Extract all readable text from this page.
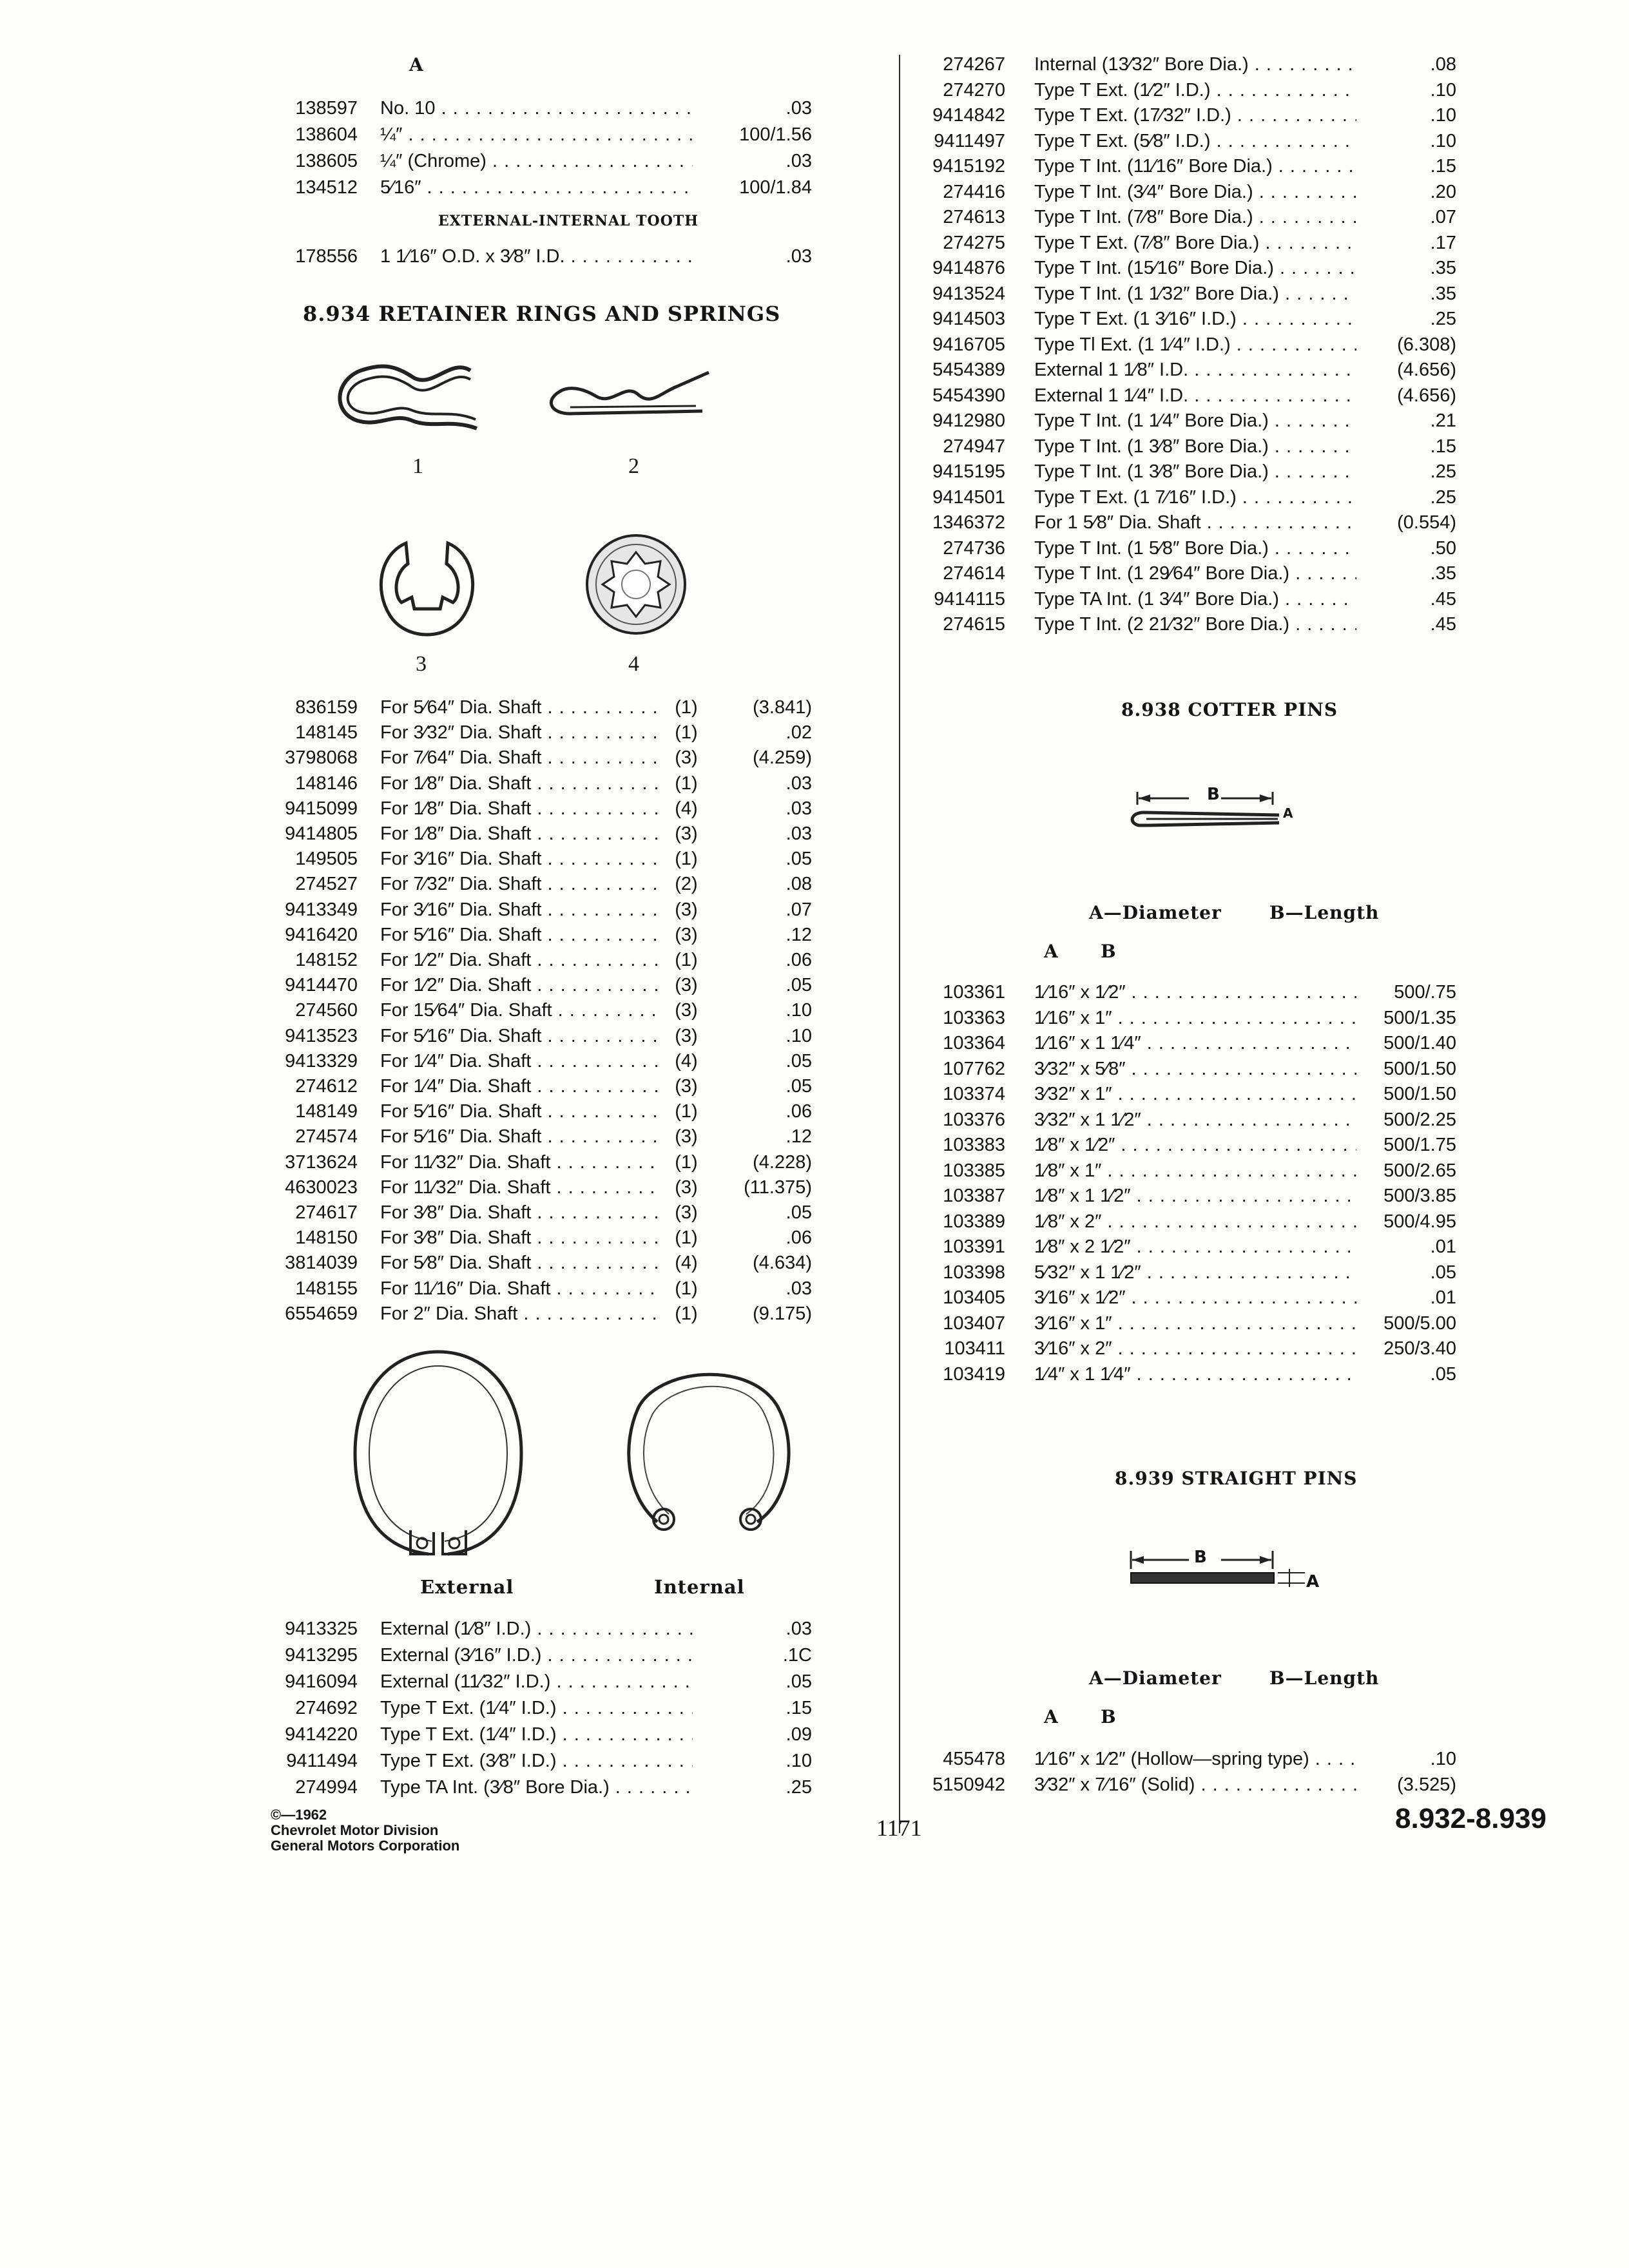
A
138597 No. 10 . . .	.03
138604 ¼″ . . .	100/1.56
138605 ¼″ (Chrome) . . .	.03
134512 5⁄16″ . . .	100/1.84
EXTERNAL-INTERNAL TOOTH
178556 1 1⁄16″ O.D. x 3⁄8″ I.D. . . .	.03
8.934 RETAINER RINGS AND SPRINGS
1	2
3	4
836159 For 5⁄64″ Dia. Shaft . . .	(1)	(3.841)
148145 For 3⁄32″ Dia. Shaft . . .	(1)	.02
3798068 For 7⁄64″ Dia. Shaft . . .	(3)	(4.259)
148146 For 1⁄8″ Dia. Shaft . . .	(1)	.03
9415099 For 1⁄8″ Dia. Shaft . . .	(4)	.03
9414805 For 1⁄8″ Dia. Shaft . . .	(3)	.03
149505 For 3⁄16″ Dia. Shaft . . .	(1)	.05
274527 For 7⁄32″ Dia. Shaft . . .	(2)	.08
9413349 For 3⁄16″ Dia. Shaft . . .	(3)	.07
9416420 For 5⁄16″ Dia. Shaft . . .	(3)	.12
148152 For 1⁄2″ Dia. Shaft . . .	(1)	.06
9414470 For 1⁄2″ Dia. Shaft . . .	(3)	.05
274560 For 15⁄64″ Dia. Shaft . . .	(3)	.10
9413523 For 5⁄16″ Dia. Shaft . . .	(3)	.10
9413329 For 1⁄4″ Dia. Shaft . . .	(4)	.05
274612 For 1⁄4″ Dia. Shaft . . .	(3)	.05
148149 For 5⁄16″ Dia. Shaft . . .	(1)	.06
274574 For 5⁄16″ Dia. Shaft . . .	(3)	.12
3713624 For 11⁄32″ Dia. Shaft . . .	(1)	(4.228)
4630023 For 11⁄32″ Dia. Shaft . . .	(3)	(11.375)
274617 For 3⁄8″ Dia. Shaft . . .	(3)	.05
148150 For 3⁄8″ Dia. Shaft . . .	(1)	.06
3814039 For 5⁄8″ Dia. Shaft . . .	(4)	(4.634)
148155 For 11⁄16″ Dia. Shaft . . .	(1)	.03
6554659 For 2″ Dia. Shaft . . .	(1)	(9.175)
External	Internal
9413325 External (1⁄8″ I.D.) . . .	.03
9413295 External (3⁄16″ I.D.) . . .	.1C
9416094 External (11⁄32″ I.D.) . . .	.05
274692 Type T Ext. (1⁄4″ I.D.) . . .	.15
9414220 Type T Ext. (1⁄4″ I.D.) . . .	.09
9411494 Type T Ext. (3⁄8″ I.D.) . . .	.10
274994 Type TA Int. (3⁄8″ Bore Dia.) . . .	.25
©—1962
Chevrolet Motor Division
General Motors Corporation
1171	8.932-8.939
274267 Internal (13⁄32″ Bore Dia.) . . .	.08
274270 Type T Ext. (1⁄2″ I.D.) . . .	.10
9414842 Type T Ext. (17⁄32″ I.D.) . . .	.10
9411497 Type T Ext. (5⁄8″ I.D.) . . .	.10
9415192 Type T Int. (11⁄16″ Bore Dia.) . . .	.15
274416 Type T Int. (3⁄4″ Bore Dia.) . . .	.20
274613 Type T Int. (7⁄8″ Bore Dia.) . . .	.07
274275 Type T Ext. (7⁄8″ Bore Dia.) . . .	.17
9414876 Type T Int. (15⁄16″ Bore Dia.) . . .	.35
9413524 Type T Int. (1 1⁄32″ Bore Dia.) . . .	.35
9414503 Type T Ext. (1 3⁄16″ I.D.) . . .	.25
9416705 Type Tl Ext. (1 1⁄4″ I.D.) . . .	(6.308)
5454389 External 1 1⁄8″ I.D. . . .	(4.656)
5454390 External 1 1⁄4″ I.D. . . .	(4.656)
9412980 Type T Int. (1 1⁄4″ Bore Dia.) . . .	.21
274947 Type T Int. (1 3⁄8″ Bore Dia.) . . .	.15
9415195 Type T Int. (1 3⁄8″ Bore Dia.) . . .	.25
9414501 Type T Ext. (1 7⁄16″ I.D.) . . .	.25
1346372 For 1 5⁄8″ Dia. Shaft . . .	(0.554)
274736 Type T Int. (1 5⁄8″ Bore Dia.) . . .	.50
274614 Type T Int. (1 29⁄64″ Bore Dia.) . . .	.35
9414115 Type TA Int. (1 3⁄4″ Bore Dia.) . . .	.45
274615 Type T Int. (2 21⁄32″ Bore Dia.) . . .	.45
8.938 COTTER PINS
B
A
A—Diameter	B—Length
A B
103361 1⁄16″ x 1⁄2″ . . .	500/.75
103363 1⁄16″ x 1″ . . .	500/1.35
103364 1⁄16″ x 1 1⁄4″ . . .	500/1.40
107762 3⁄32″ x 5⁄8″ . . .	500/1.50
103374 3⁄32″ x 1″ . . .	500/1.50
103376 3⁄32″ x 1 1⁄2″ . . .	500/2.25
103383 1⁄8″ x 1⁄2″ . . .	500/1.75
103385 1⁄8″ x 1″ . . .	500/2.65
103387 1⁄8″ x 1 1⁄2″ . . .	500/3.85
103389 1⁄8″ x 2″ . . .	500/4.95
103391 1⁄8″ x 2 1⁄2″ . . .	.01
103398 5⁄32″ x 1 1⁄2″ . . .	.05
103405 3⁄16″ x 1⁄2″ . . .	.01
103407 3⁄16″ x 1″ . . .	500/5.00
103411 3⁄16″ x 2″ . . .	250/3.40
103419 1⁄4″ x 1 1⁄4″ . . .	.05
8.939 STRAIGHT PINS
B
A
A—Diameter	B—Length
A B
455478 1⁄16″ x 1⁄2″ (Hollow—spring type) . . .	.10
5150942 3⁄32″ x 7⁄16″ (Solid) . . .	(3.525)
